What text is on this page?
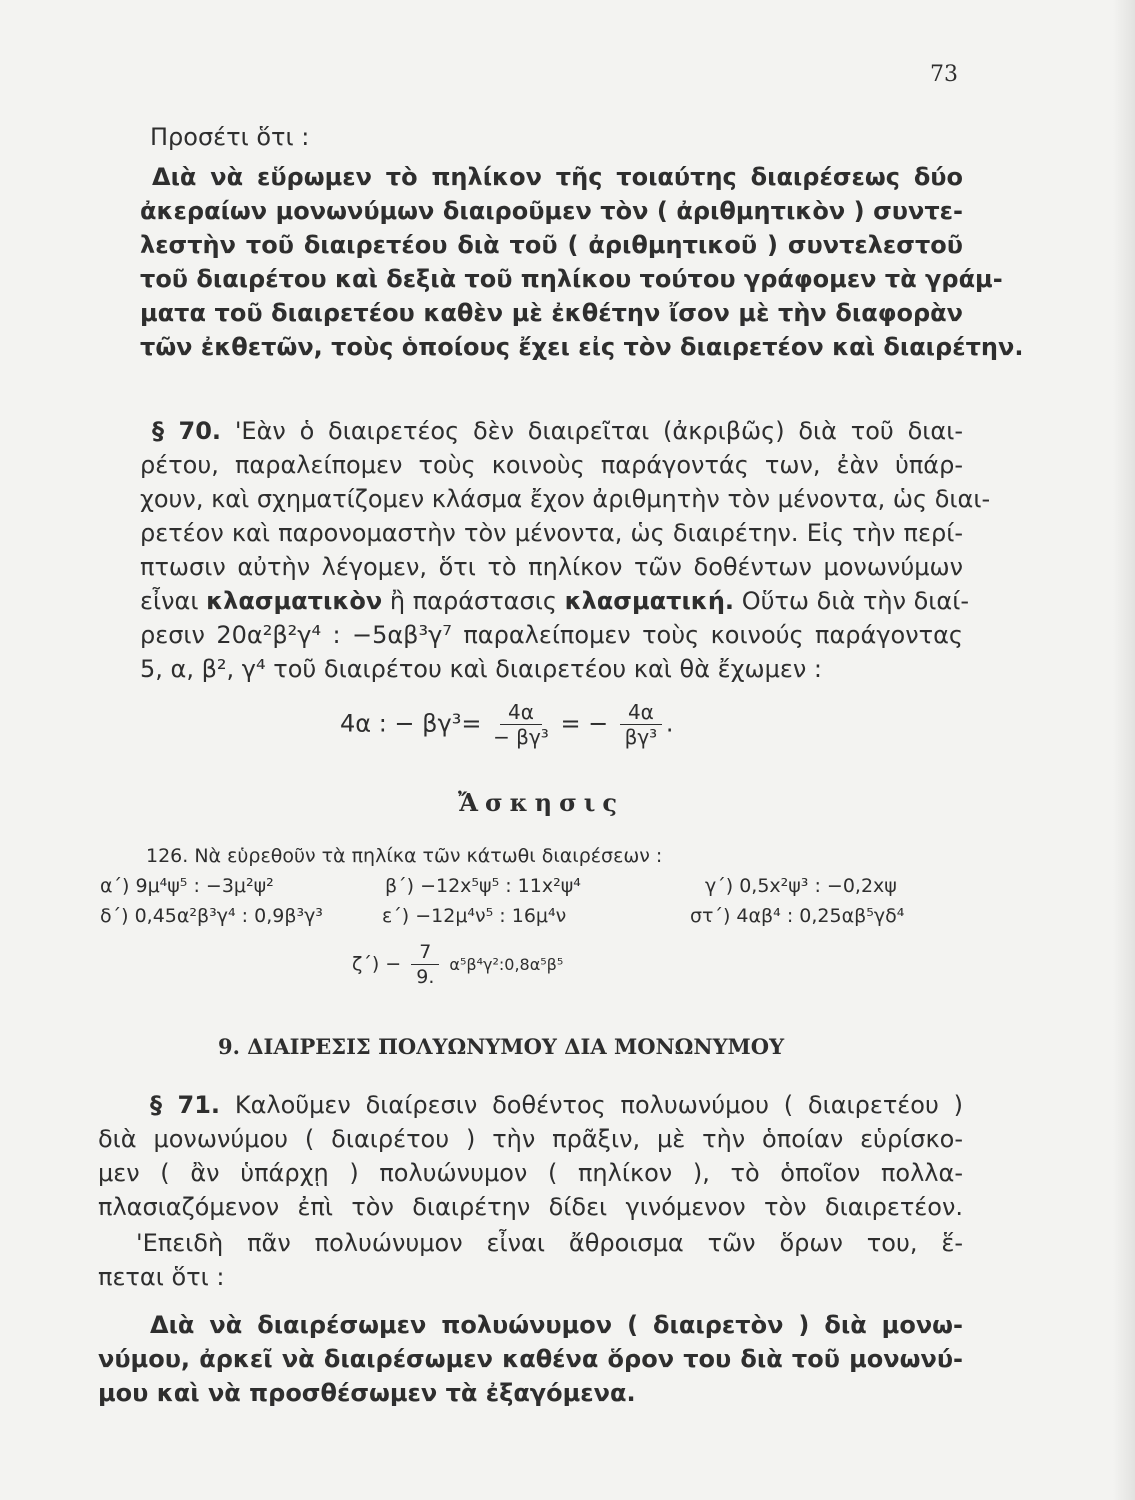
73
Προσέτι ὅτι :
Διὰ νὰ εὕρωμεν τὸ πηλίκον τῆς τοιαύτης διαιρέσεως δύο
ἀκεραίων μονωνύμων διαιροῦμεν τὸν ( ἀριθμητικὸν ) συντε-
λεστὴν τοῦ διαιρετέου διὰ τοῦ ( ἀριθμητικοῦ ) συντελεστοῦ
τοῦ διαιρέτου καὶ δεξιὰ τοῦ πηλίκου τούτου γράφομεν τὰ γράμ-
ματα τοῦ διαιρετέου καθὲν μὲ ἐκθέτην ἴσον μὲ τὴν διαφορὰν
τῶν ἐκθετῶν, τοὺς ὁποίους ἔχει εἰς τὸν διαιρετέον καὶ διαιρέτην.
§ 70. 'Εὰν ὁ διαιρετέος δὲν διαιρεῖται (ἀκριβῶς) διὰ τοῦ διαι-
ρέτου, παραλείπομεν τοὺς κοινοὺς παράγοντάς των, ἐὰν ὑπάρ-
χουν, καὶ σχηματίζομεν κλάσμα ἔχον ἀριθμητὴν τὸν μένοντα, ὡς διαι-
ρετέον καὶ παρονομαστὴν τὸν μένοντα, ὡς διαιρέτην. Εἰς τὴν περί-
πτωσιν αὐτὴν λέγομεν, ὅτι τὸ πηλίκον τῶν δοθέντων μονωνύμων
εἶναι κλασματικὸν ἢ παράστασις κλασματική. Οὕτω διὰ τὴν διαί-
ρεσιν 20α²β²γ⁴ : −5αβ³γ⁷ παραλείπομεν τοὺς κοινούς παράγοντας
5, α, β², γ⁴ τοῦ διαιρέτου καὶ διαιρετέου καὶ θὰ ἔχωμεν :
4α : − $\beta\gamma^3= \frac{4\alpha}{\text{− βγ³}}$ = − $\frac{4\alpha}{\text{βγ³}}$ .
Ἄσκησις
126. Νὰ εὑρεθοῦν τὰ πηλίκα τῶν κάτωθι διαιρέσεων :
α΄) 9μ⁴ψ⁵ : −3μ²ψ²	β΄) −12x⁵ψ⁵ : 11x²ψ⁴	γ΄) 0,5x²ψ³ : −0,2xψ
δ΄) 0,45α²β³γ⁴ : 0,9β³γ³	ε΄) −12μ⁴ν⁵ : 16μ⁴ν	στ΄) 4αβ⁴ : 0,25αβ⁵γδ⁴
$\zeta΄) - \frac{7}{9.}$ α⁵β⁴γ²:0,8α⁵β⁵
9. ΔΙΑΙΡΕΣΙΣ ΠΟΛΥΩΝΥΜΟΥ ΔΙΑ ΜΟΝΩΝΥΜΟΥ
§ 71. Καλοῦμεν διαίρεσιν δοθέντος πολυωνύμου ( διαιρετέου )
διὰ μονωνύμου ( διαιρέτου ) τὴν πρᾶξιν, μὲ τὴν ὁποίαν εὑρίσκο-
μεν ( ἂν ὑπάρχῃ ) πολυώνυμον ( πηλίκον ), τὸ ὁποῖον πολλα-
πλασιαζόμενον ἐπὶ τὸν διαιρέτην δίδει γινόμενον τὸν διαιρετέον.
'Επειδὴ πᾶν πολυώνυμον εἶναι ἄθροισμα τῶν ὅρων του, ἕ-
πεται ὅτι :
Διὰ νὰ διαιρέσωμεν πολυώνυμον ( διαιρετὸν ) διὰ μονω-
νύμου, ἀρκεῖ νὰ διαιρέσωμεν καθένα ὅρον του διὰ τοῦ μονωνύ-
μου καὶ νὰ προσθέσωμεν τὰ ἐξαγόμενα.
